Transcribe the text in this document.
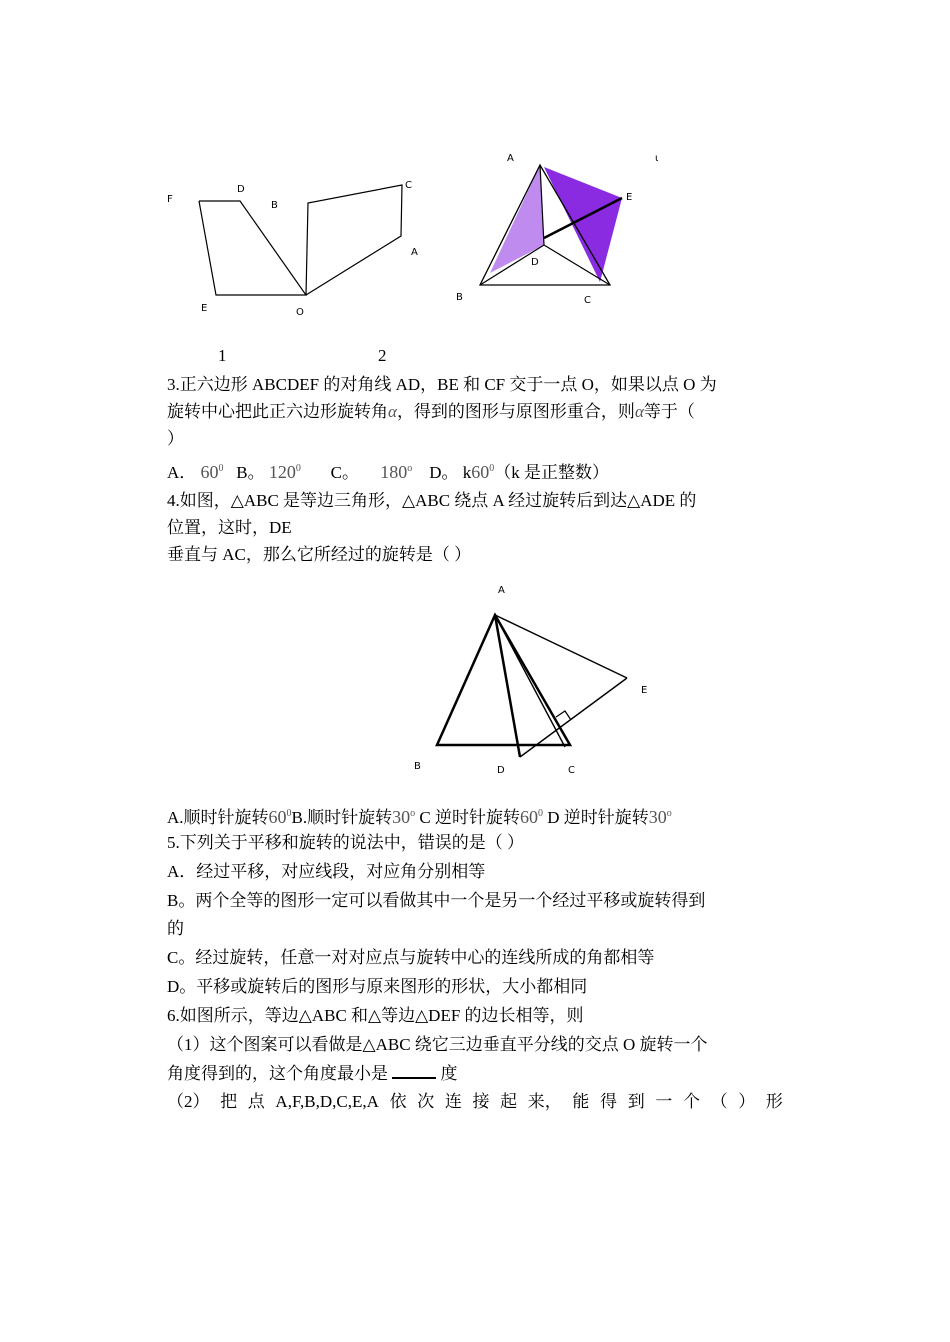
F
D
B
C
A
E	O
1
A	ι
E
D
B	C
2
3.正六边形 ABCDEF 的对角线 AD，BE 和 CF 交于一点 O，如果以点 O 为
旋转中心把此正六边形旋转角α，得到的图形与原图形重合，则α等于（
）
A． $60^0$ B。 $120^0$ C。 180$^o$ D。 $k60^0(k$ 是正整数）
4.如图，△ABC 是等边三角形，△ABC 绕点 A 经过旋转后到达△ADE 的
位置，这时，DE
垂直与 AC，那么它所经过的旋转是（ ）
A
E
B	D	C
A.顺时针旋转$60^0B$.顺时针旋转30$^o$ C 逆时针旋转$60^0$ D 逆时针旋转30$^o$
5.下列关于平移和旋转的说法中，错误的是（ ）
A．经过平移，对应线段，对应角分别相等
B。两个全等的图形一定可以看做其中一个是另一个经过平移或旋转得到
的
C。经过旋转，任意一对对应点与旋转中心的连线所成的角都相等
D。平移或旋转后的图形与原来图形的形状，大小都相同
6.如图所示，等边△ABC 和△等边△DEF 的边长相等，则
（1）这个图案可以看做是△ABC 绕它三边垂直平分线的交点 O 旋转一个
角度得到的，这个角度最小是	度
（2） 把 点 A,F,B,D,C,E,A 依 次 连 接 起 来， 能 得 到 一 个 （ ） 形
